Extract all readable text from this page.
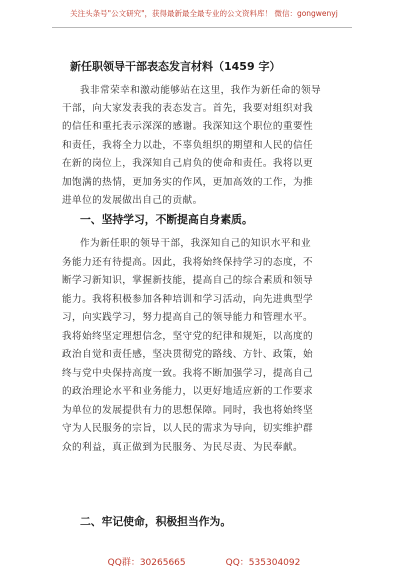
关注头条号"公文研究"，获得最新最全最专业的公文资料库！ 微信：gongwenyj
新任职领导干部表态发言材料（1459 字）
我非常荣幸和激动能够站在这里，我作为新任命的领导
干部，向大家发表我的表态发言。首先，我要对组织对我
的信任和重托表示深深的感谢。我深知这个职位的重要性
和责任，我将全力以赴，不辜负组织的期望和人民的信任
在新的岗位上，我深知自己肩负的使命和责任。我将以更
加饱满的热情，更加务实的作风，更加高效的工作，为推
进单位的发展做出自己的贡献。
一、坚持学习，不断提高自身素质。
作为新任职的领导干部，我深知自己的知识水平和业
务能力还有待提高。因此，我将始终保持学习的态度，不
断学习新知识，掌握新技能，提高自己的综合素质和领导
能力。我将积极参加各种培训和学习活动，向先进典型学
习，向实践学习，努力提高自己的领导能力和管理水平。
我将始终坚定理想信念，坚守党的纪律和规矩，以高度的
政治自觉和责任感，坚决贯彻党的路线、方针、政策，始
终与党中央保持高度一致。我将不断加强学习，提高自己
的政治理论水平和业务能力，以更好地适应新的工作要求
为单位的发展提供有力的思想保障。同时，我也将始终坚
守为人民服务的宗旨，以人民的需求为导向，切实维护群
众的利益，真正做到为民服务、为民尽责、为民奉献。
二、牢记使命，积极担当作为。
QQ群：30265665	QQ：535304092
